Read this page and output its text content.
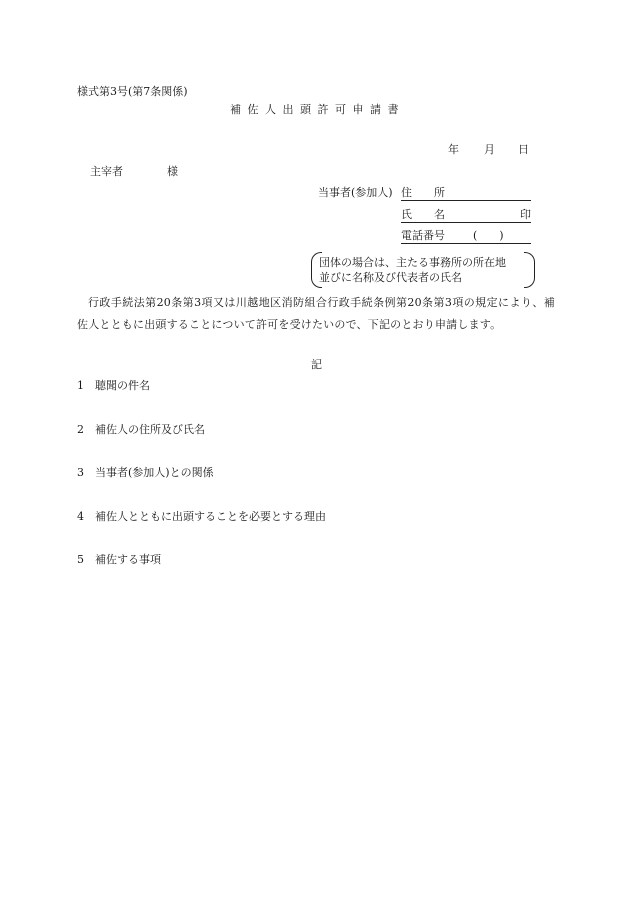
様式第3号(第7条関係)
補佐人出頭許可申請書
年 月 日
主宰者	様
当事者(参加人) 住　　所
氏　　名	印
電話番号	(　　)
団体の場合は、主たる事務所の所在地
並びに名称及び代表者の氏名
行政手続法第20条第3項又は川越地区消防組合行政手続条例第20条第3項の規定により、補佐人とともに出頭することについて許可を受けたいので、下記のとおり申請します。
記
1 聴聞の件名
2 補佐人の住所及び氏名
3 当事者(参加人)との関係
4 補佐人とともに出頭することを必要とする理由
5 補佐する事項
